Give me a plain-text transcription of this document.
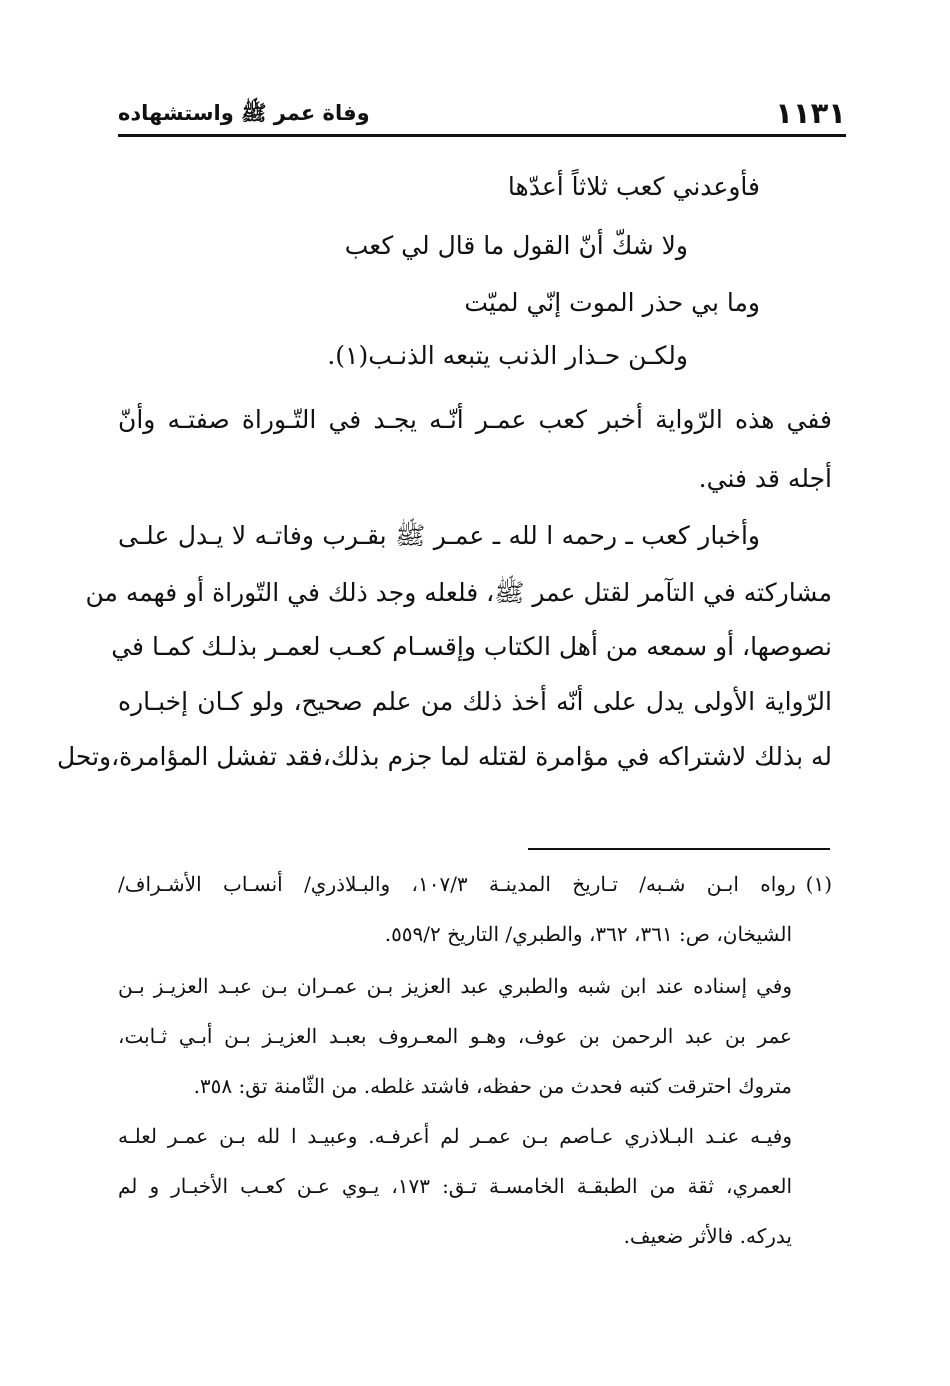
١١٣١
وفاة عمر ﷺ واستشهاده
فأوعدني كعب ثلاثاً أعدّها
ولا شكّ أنّ القول ما قال لي كعب
وما بي حذر الموت إنّي لميّت
ولكـن حـذار الذنب يتبعه الذنـب(١).
ففي هذه الرّواية أخبر كعب عمـر أنّـه يجـد في التّـوراة صفتـه وأنّ
أجله قد فني.
وأخبار كعب ـ رحمه ا لله ـ عمـر ﷺ بقـرب وفاتـه لا يـدل علـى
مشاركته في التآمر لقتل عمر ﷺ، فلعله وجد ذلك في التّوراة أو فهمه من
نصوصها، أو سمعه من أهل الكتاب وإقسـام كعـب لعمـر بذلـك كمـا في
الرّواية الأولى يدل على أنّه أخذ ذلك من علم صحيح، ولو كـان إخبـاره
له بذلك لاشتراكه في مؤامرة لقتله لما جزم بذلك،فقد تفشل المؤامرة،وتحل
(١)
رواه ابـن شـبه/ تـاريخ المدينـة ١٠٧/٣، والبـلاذري/ أنسـاب الأشـراف/
الشيخان، ص: ٣٦١، ٣٦٢، والطبري/ التاريخ ٥٥٩/٢.
وفي إسناده عند ابن شبه والطبري عبد العزيز بـن عمـران بـن عبـد العزيـز بـن
عمر بن عبد الرحمن بن عوف، وهـو المعـروف بعبـد العزيـز بـن أبـي ثـابت،
متروك احترقت كتبه فحدث من حفظه، فاشتد غلطه. من الثّامنة تق: ٣٥٨.
وفيـه عنـد البـلاذري عـاصم بـن عمـر لم أعرفـه. وعبيـد ا لله بـن عمـر لعلـه
العمري، ثقة من الطبقـة الخامسـة تـق: ١٧٣، يـوي عـن كعـب الأخبـار و لم
يدركه. فالأثر ضعيف.
